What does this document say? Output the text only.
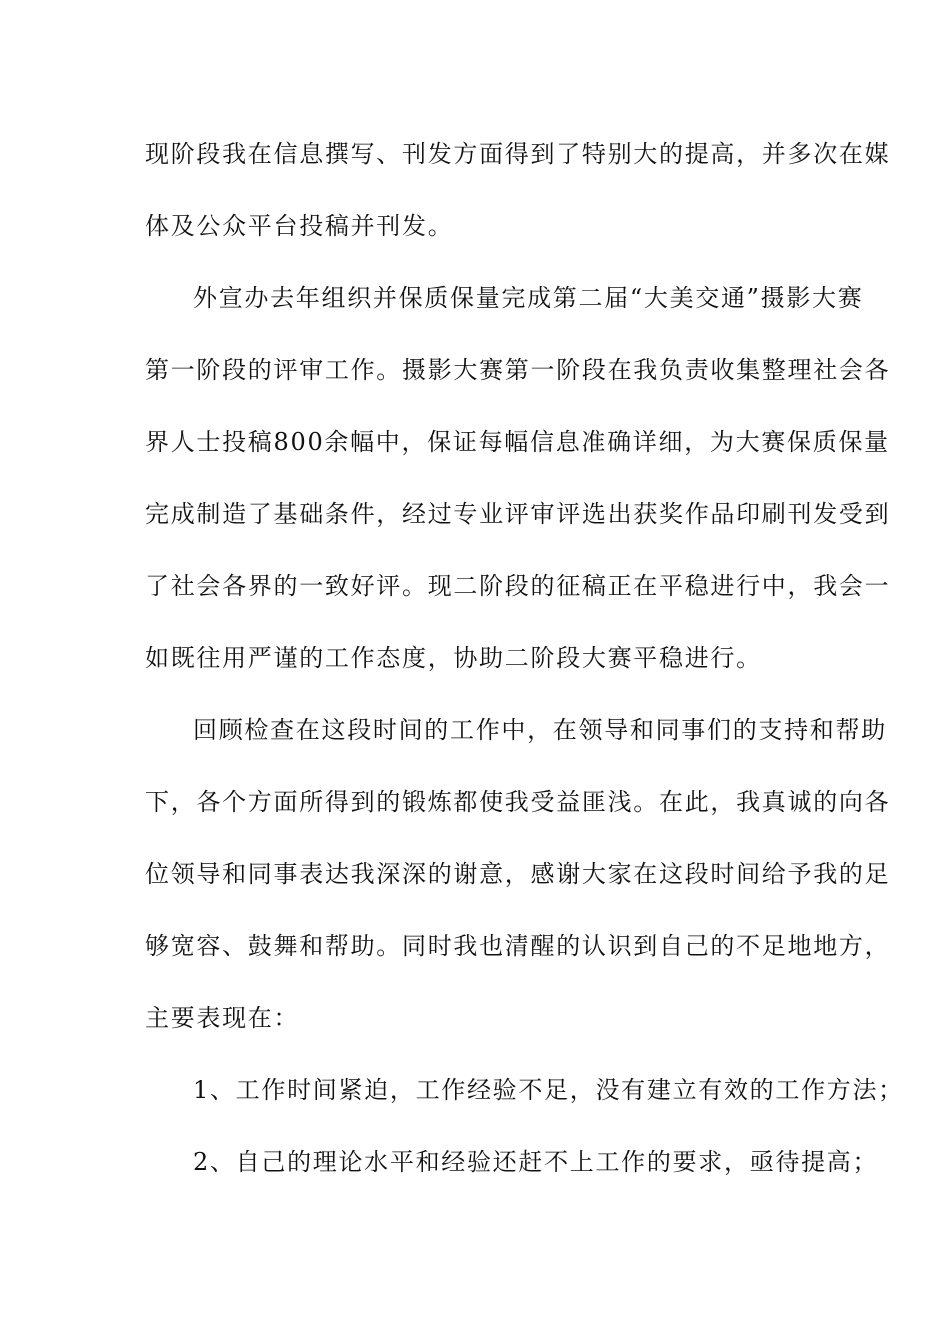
现阶段我在信息撰写、刊发方面得到了特别大的提高，并多次在媒
体及公众平台投稿并刊发。
外宣办去年组织并保质保量完成第二届“大美交通”摄影大赛
第一阶段的评审工作。摄影大赛第一阶段在我负责收集整理社会各
界人士投稿800余幅中，保证每幅信息准确详细，为大赛保质保量
完成制造了基础条件，经过专业评审评选出获奖作品印刷刊发受到
了社会各界的一致好评。现二阶段的征稿正在平稳进行中，我会一
如既往用严谨的工作态度，协助二阶段大赛平稳进行。
回顾检查在这段时间的工作中，在领导和同事们的支持和帮助
下，各个方面所得到的锻炼都使我受益匪浅。在此，我真诚的向各
位领导和同事表达我深深的谢意，感谢大家在这段时间给予我的足
够宽容、鼓舞和帮助。同时我也清醒的认识到自己的不足地地方，
主要表现在：
1、工作时间紧迫，工作经验不足，没有建立有效的工作方法；
2、自己的理论水平和经验还赶不上工作的要求，亟待提高；
